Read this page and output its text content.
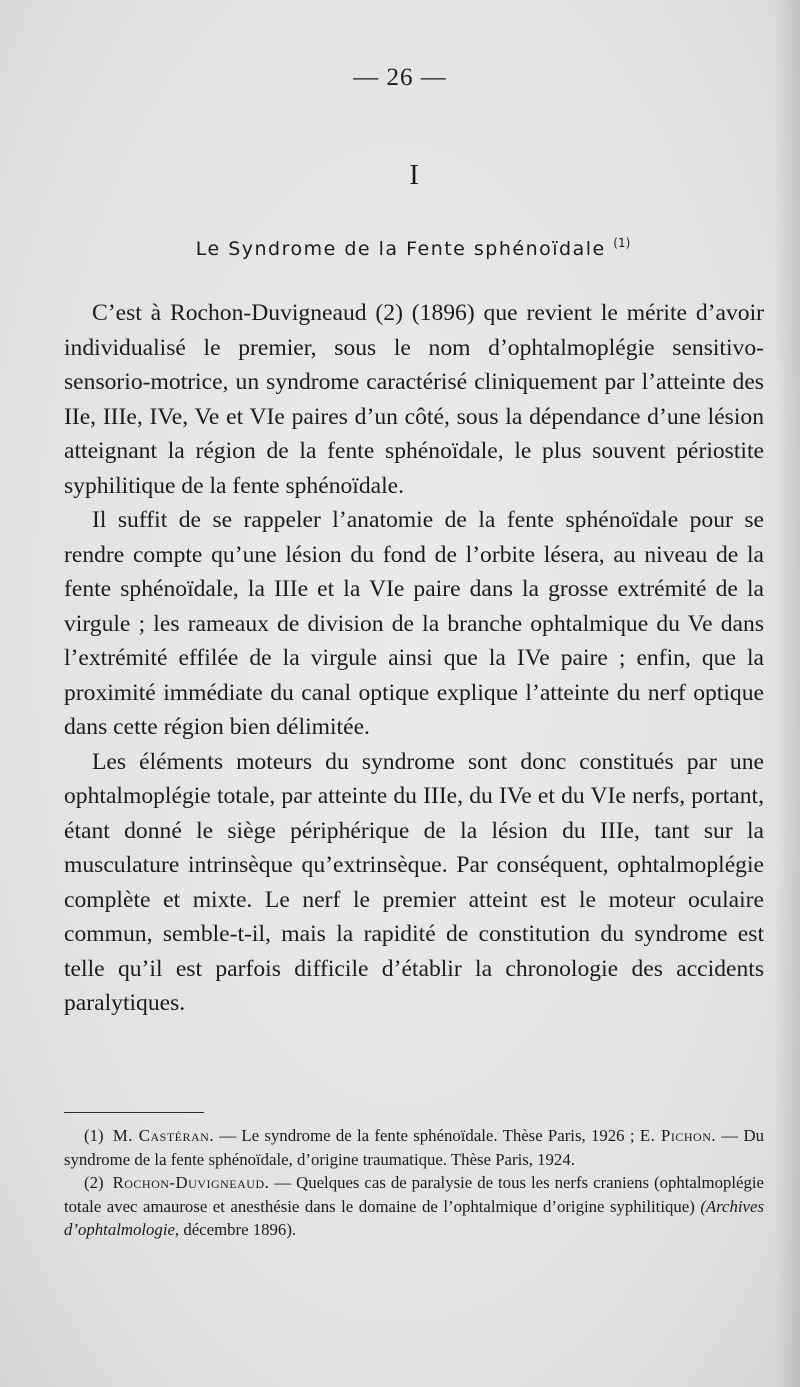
— 26 —
I
Le Syndrome de la Fente sphénoïdale $^{(1)}$

C’est à Rochon-Duvigneaud (2) (1896) que revient le mérite d’avoir individualisé le premier, sous le nom d’ophtalmoplégie sensitivo-sensorio-motrice, un syndrome caractérisé cliniquement par l’atteinte des IIe, IIIe, IVe, Ve et VIe paires d’un côté, sous la dépendance d’une lésion atteignant la région de la fente sphénoïdale, le plus souvent périostite syphilitique de la fente sphénoïdale.

Il suffit de se rappeler l’anatomie de la fente sphénoïdale pour se rendre compte qu’une lésion du fond de l’orbite lésera, au niveau de la fente sphénoïdale, la IIIe et la VIe paire dans la grosse extrémité de la virgule ; les rameaux de division de la branche ophtalmique du Ve dans l’extrémité effilée de la virgule ainsi que la IVe paire ; enfin, que la proximité immédiate du canal optique explique l’atteinte du nerf optique dans cette région bien délimitée.

Les éléments moteurs du syndrome sont donc constitués par une ophtalmoplégie totale, par atteinte du IIIe, du IVe et du VIe nerfs, portant, étant donné le siège périphérique de la lésion du IIIe, tant sur la musculature intrinsèque qu’extrinsèque. Par conséquent, ophtalmoplégie complète et mixte. Le nerf le premier atteint est le moteur oculaire commun, semble-t-il, mais la rapidité de constitution du syndrome est telle qu’il est parfois difficile d’établir la chronologie des accidents paralytiques.

(1) M. Castéran. — Le syndrome de la fente sphénoïdale. Thèse Paris, 1926 ; E. Pichon. — Du syndrome de la fente sphénoïdale, d’origine traumatique. Thèse Paris, 1924.

(2) Rochon-Duvigneaud. — Quelques cas de paralysie de tous les nerfs craniens (ophtalmoplégie totale avec amaurose et anesthésie dans le domaine de l’ophtalmique d’origine syphilitique) (Archives d’ophtalmologie, décembre 1896).
